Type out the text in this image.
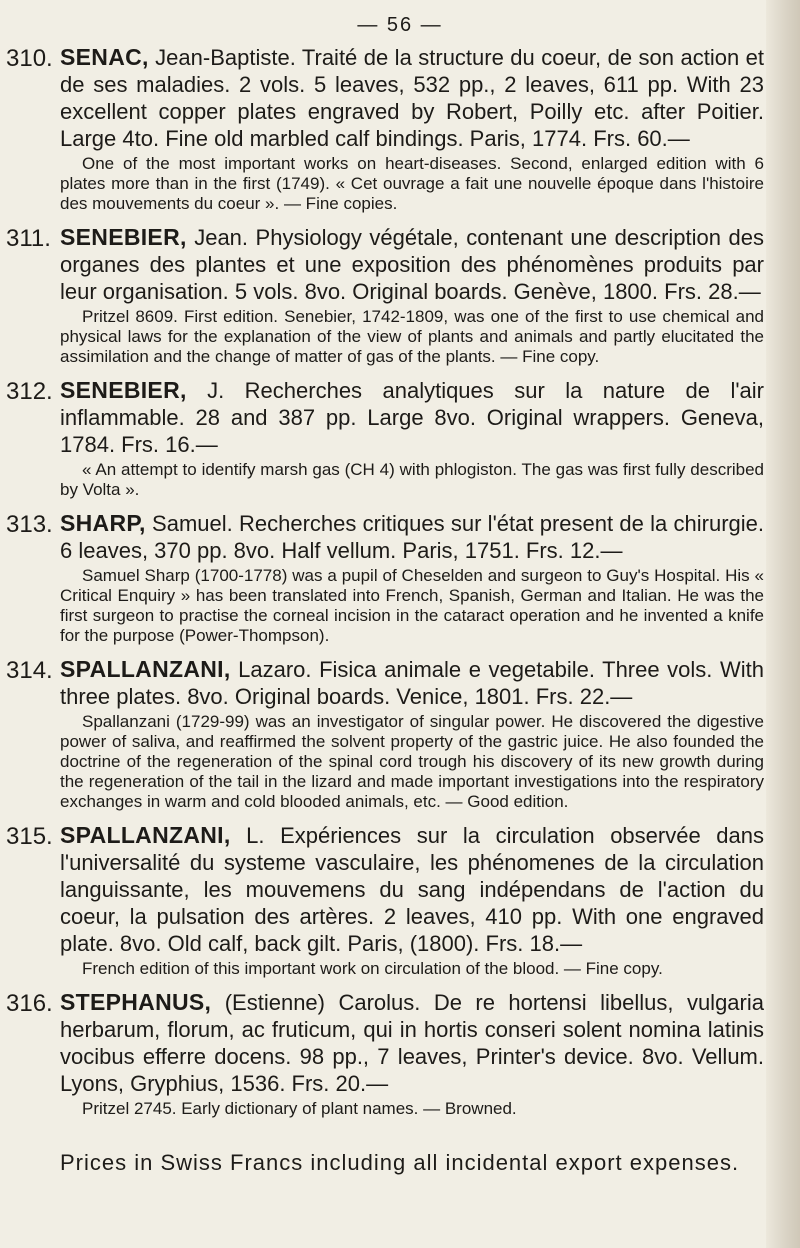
— 56 —
310. SENAC, Jean-Baptiste. Traité de la structure du coeur, de son action et de ses maladies. 2 vols. 5 leaves, 532 pp., 2 leaves, 611 pp. With 23 excellent copper plates engraved by Robert, Poilly etc. after Poitier. Large 4to. Fine old marbled calf bindings. Paris, 1774. Frs. 60.—

One of the most important works on heart-diseases. Second, enlarged edition with 6 plates more than in the first (1749). « Cet ouvrage a fait une nouvelle époque dans l'histoire des mouvements du coeur ». — Fine copies.

311. SENEBIER, Jean. Physiology végétale, contenant une description des organes des plantes et une exposition des phénomènes produits par leur organisation. 5 vols. 8vo. Original boards. Genève, 1800. Frs. 28.—

Pritzel 8609. First edition. Senebier, 1742-1809, was one of the first to use chemical and physical laws for the explanation of the view of plants and animals and partly elucitated the assimilation and the change of matter of gas of the plants. — Fine copy.

312. SENEBIER, J. Recherches analytiques sur la nature de l'air inflammable. 28 and 387 pp. Large 8vo. Original wrappers. Geneva, 1784. Frs. 16.—

« An attempt to identify marsh gas (CH 4) with phlogiston. The gas was first fully described by Volta ».

313. SHARP, Samuel. Recherches critiques sur l'état present de la chirurgie. 6 leaves, 370 pp. 8vo. Half vellum. Paris, 1751. Frs. 12.—

Samuel Sharp (1700-1778) was a pupil of Cheselden and surgeon to Guy's Hospital. His « Critical Enquiry » has been translated into French, Spanish, German and Italian. He was the first surgeon to practise the corneal incision in the cataract operation and he invented a knife for the purpose (Power-Thompson).

314. SPALLANZANI, Lazaro. Fisica animale e vegetabile. Three vols. With three plates. 8vo. Original boards. Venice, 1801. Frs. 22.—

Spallanzani (1729-99) was an investigator of singular power. He discovered the digestive power of saliva, and reaffirmed the solvent property of the gastric juice. He also founded the doctrine of the regeneration of the spinal cord trough his discovery of its new growth during the regeneration of the tail in the lizard and made important investigations into the respiratory exchanges in warm and cold blooded animals, etc. — Good edition.

315. SPALLANZANI, L. Expériences sur la circulation observée dans l'universalité du systeme vasculaire, les phénomenes de la circulation languissante, les mouvemens du sang indépendans de l'action du coeur, la pulsation des artères. 2 leaves, 410 pp. With one engraved plate. 8vo. Old calf, back gilt. Paris, (1800). Frs. 18.—

French edition of this important work on circulation of the blood. — Fine copy.

316. STEPHANUS, (Estienne) Carolus. De re hortensi libellus, vulgaria herbarum, florum, ac fruticum, qui in hortis conseri solent nomina latinis vocibus efferre docens. 98 pp., 7 leaves, Printer's device. 8vo. Vellum. Lyons, Gryphius, 1536. Frs. 20.—

Pritzel 2745. Early dictionary of plant names. — Browned.

Prices in Swiss Francs including all incidental export expenses.
